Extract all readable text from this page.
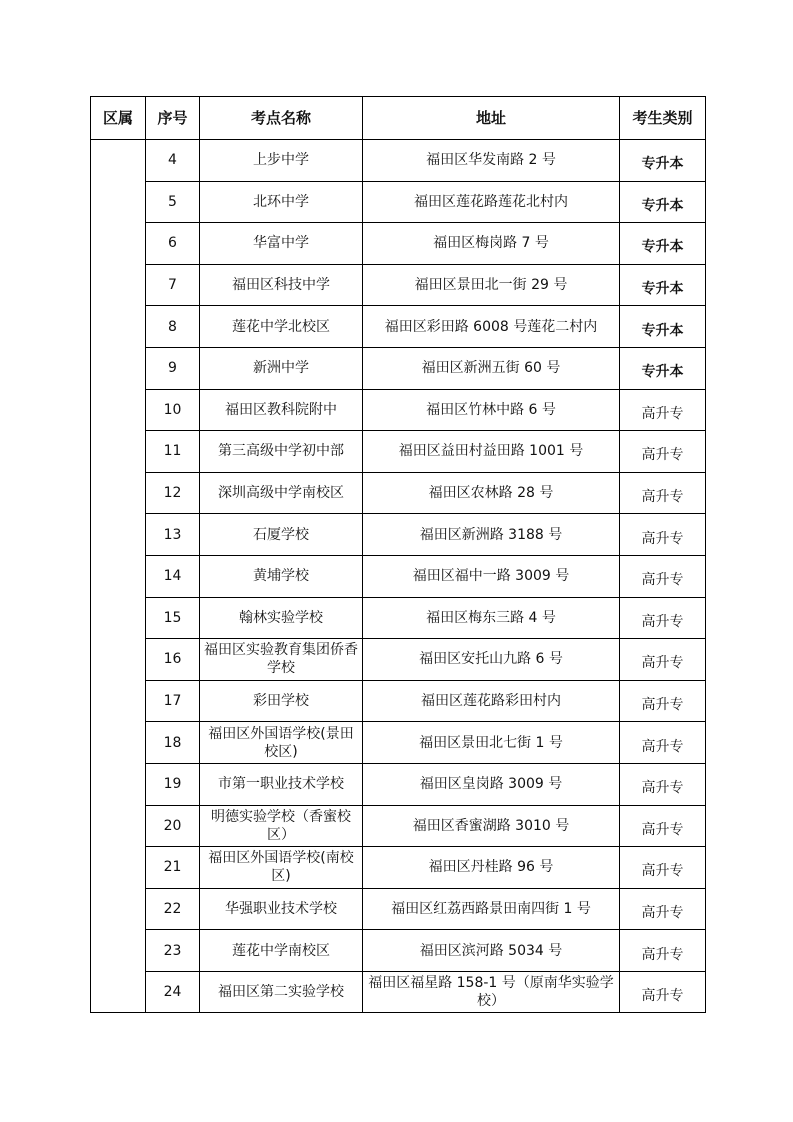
区属	序号	考点名称	地址	考生类别
	4	上步中学	福田区华发南路 2 号	专升本
	5	北环中学	福田区莲花路莲花北村内	专升本
	6	华富中学	福田区梅岗路 7 号	专升本
	7	福田区科技中学	福田区景田北一街 29 号	专升本
	8	莲花中学北校区	福田区彩田路 6008 号莲花二村内	专升本
	9	新洲中学	福田区新洲五街 60 号	专升本
	10	福田区教科院附中	福田区竹林中路 6 号	高升专
	11	第三高级中学初中部	福田区益田村益田路 1001 号	高升专
	12	深圳高级中学南校区	福田区农林路 28 号	高升专
	13	石厦学校	福田区新洲路 3188 号	高升专
	14	黄埔学校	福田区福中一路 3009 号	高升专
	15	翰林实验学校	福田区梅东三路 4 号	高升专
	16	福田区实验教育集团侨香学校	福田区安托山九路 6 号	高升专
	17	彩田学校	福田区莲花路彩田村内	高升专
	18	福田区外国语学校(景田校区)	福田区景田北七街 1 号	高升专
	19	市第一职业技术学校	福田区皇岗路 3009 号	高升专
	20	明德实验学校（香蜜校区）	福田区香蜜湖路 3010 号	高升专
	21	福田区外国语学校(南校区)	福田区丹桂路 96 号	高升专
	22	华强职业技术学校	福田区红荔西路景田南四街 1 号	高升专
	23	莲花中学南校区	福田区滨河路 5034 号	高升专
	24	福田区第二实验学校	福田区福星路 158-1 号（原南华实验学校）	高升专
